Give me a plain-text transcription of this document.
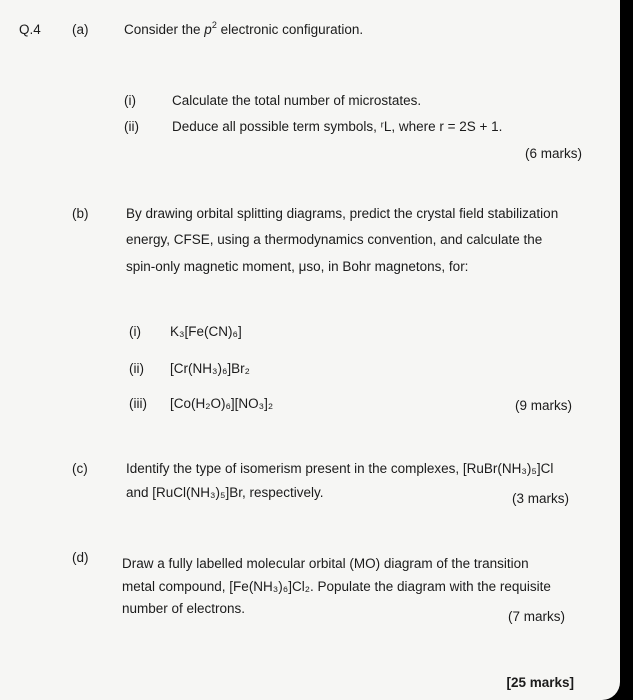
Q.4 (a)	Consider the $p^2$ electronic configuration.
(i)	Calculate the total number of microstates.
(ii) Deduce all possible term symbols, ʳL, where r = 2S + 1.
(6 marks)
(b)	By drawing orbital splitting diagrams, predict the crystal field stabilization
energy, CFSE, using a thermodynamics convention, and calculate the
spin-only magnetic moment, μso, in Bohr magnetons, for:
(i) K₃[Fe(CN)₆]
(ii) [Cr(NH₃)₆]Br₂
(iii) [Co(H₂O)₆][NO₃]₂	(9 marks)
(c)	Identify the type of isomerism present in the complexes, [RuBr(NH₃)₅]Cl
and [RuCl(NH₃)₅]Br, respectively.	(3 marks)
(d) Draw a fully labelled molecular orbital (MO) diagram of the transition
metal compound, [Fe(NH₃)₆]Cl₂. Populate the diagram with the requisite
number of electrons.
(7 marks)
[25 marks]
